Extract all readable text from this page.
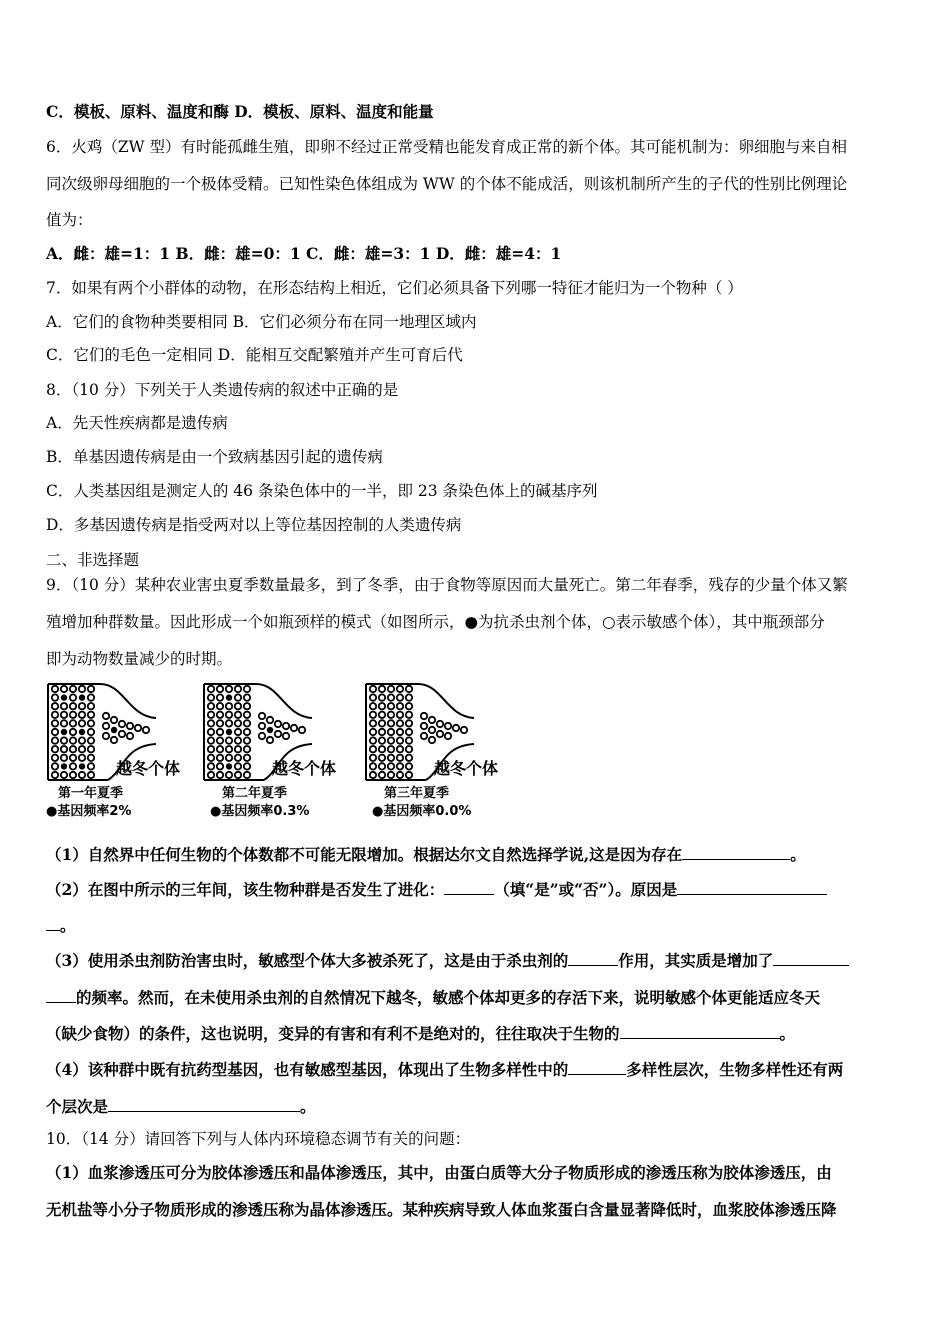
C．模板、原料、温度和酶 D．模板、原料、温度和能量
6．火鸡（ZW 型）有时能孤雌生殖，即卵不经过正常受精也能发育成正常的新个体。其可能机制为：卵细胞与来自相
同次级卵母细胞的一个极体受精。已知性染色体组成为 WW 的个体不能成活，则该机制所产生的子代的性别比例理论
值为：
A．雌：雄=1：1 B．雌：雄=0：1 C．雌：雄=3：1 D．雌：雄=4：1
7．如果有两个小群体的动物，在形态结构上相近，它们必须具备下列哪一特征才能归为一个物种（ ）
A．它们的食物种类要相同 B．它们必须分布在同一地理区域内
C．它们的毛色一定相同 D．能相互交配繁殖并产生可育后代
8．（10 分）下列关于人类遗传病的叙述中正确的是
A．先天性疾病都是遗传病
B．单基因遗传病是由一个致病基因引起的遗传病
C．人类基因组是测定人的 46 条染色体中的一半，即 23 条染色体上的碱基序列
D．多基因遗传病是指受两对以上等位基因控制的人类遗传病
二、非选择题
9．（10 分）某种农业害虫夏季数量最多，到了冬季，由于食物等原因而大量死亡。第二年春季，残存的少量个体又繁
殖增加种群数量。因此形成一个如瓶颈样的模式（如图所示，●为抗杀虫剂个体，○表示敏感个体），其中瓶颈部分
即为动物数量减少的时期。
越冬个体	越冬个体	越冬个体
第一年夏季	第二年夏季	第三年夏季
●基因频率2%	●基因频率0.3%	●基因频率0.0%
（1）自然界中任何生物的个体数都不可能无限增加。根据达尔文自然选择学说,这是因为存在	。
（2）在图中所示的三年间，该生物种群是否发生了进化：	（填“是”或“否”）。原因是
。
（3）使用杀虫剂防治害虫时，敏感型个体大多被杀死了，这是由于杀虫剂的	作用，其实质是增加了
的频率。然而，在未使用杀虫剂的自然情况下越冬，敏感个体却更多的存活下来，说明敏感个体更能适应冬天
（缺少食物）的条件，这也说明，变异的有害和有利不是绝对的，往往取决于生物的	。
（4）该种群中既有抗药型基因，也有敏感型基因，体现出了生物多样性中的	多样性层次，生物多样性还有两
个层次是	。
10．（14 分）请回答下列与人体内环境稳态调节有关的问题：
（1）血浆渗透压可分为胶体渗透压和晶体渗透压，其中，由蛋白质等大分子物质形成的渗透压称为胶体渗透压，由
无机盐等小分子物质形成的渗透压称为晶体渗透压。某种疾病导致人体血浆蛋白含量显著降低时，血浆胶体渗透压降
